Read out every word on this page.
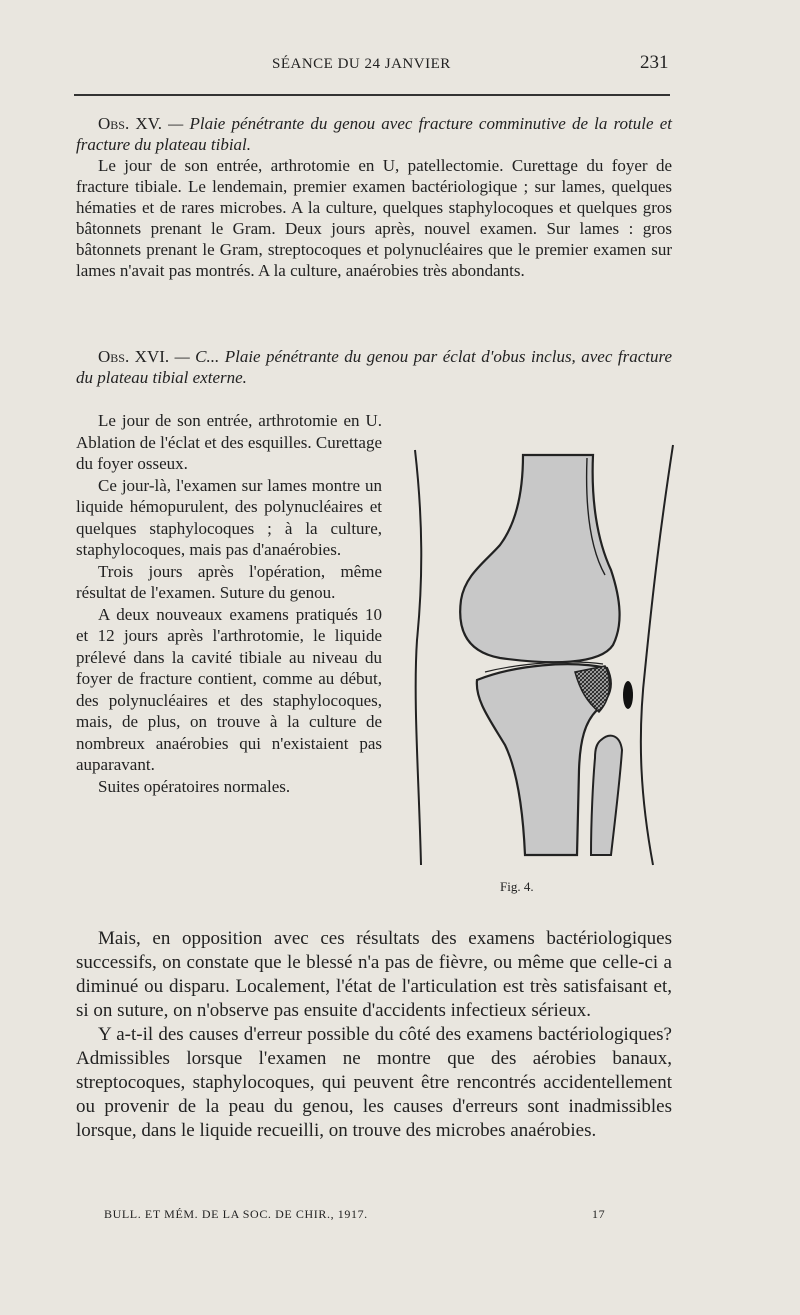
SÉANCE DU 24 JANVIER	231

Obs. XV. — Plaie pénétrante du genou avec fracture comminutive de la rotule et fracture du plateau tibial.

Le jour de son entrée, arthrotomie en U, patellectomie. Curettage du foyer de fracture tibiale. Le lendemain, premier examen bactériologique ; sur lames, quelques hématies et de rares microbes. A la culture, quelques staphylocoques et quelques gros bâtonnets prenant le Gram. Deux jours après, nouvel examen. Sur lames : gros bâtonnets prenant le Gram, streptocoques et polynucléaires que le premier examen sur lames n'avait pas montrés. A la culture, anaérobies très abondants.

Obs. XVI. — C... Plaie pénétrante du genou par éclat d'obus inclus, avec fracture du plateau tibial externe.

Le jour de son entrée, arthrotomie en U. Ablation de l'éclat et des esquilles. Curettage du foyer osseux.

Ce jour-là, l'examen sur lames montre un liquide hémopurulent, des polynucléaires et quelques staphylocoques ; à la culture, staphylocoques, mais pas d'anaérobies.

Trois jours après l'opération, même résultat de l'examen. Suture du genou.

A deux nouveaux examens pratiqués 10 et 12 jours après l'arthrotomie, le liquide prélevé dans la cavité tibiale au niveau du foyer de fracture contient, comme au début, des polynucléaires et des staphylocoques, mais, de plus, on trouve à la culture de nombreux anaérobies qui n'existaient pas auparavant.

Suites opératoires normales.

Fig. 4.

Mais, en opposition avec ces résultats des examens bactériologiques successifs, on constate que le blessé n'a pas de fièvre, ou même que celle-ci a diminué ou disparu. Localement, l'état de l'articulation est très satisfaisant et, si on suture, on n'observe pas ensuite d'accidents infectieux sérieux.

Y a-t-il des causes d'erreur possible du côté des examens bactériologiques? Admissibles lorsque l'examen ne montre que des aérobies banaux, streptocoques, staphylocoques, qui peuvent être rencontrés accidentellement ou provenir de la peau du genou, les causes d'erreurs sont inadmissibles lorsque, dans le liquide recueilli, on trouve des microbes anaérobies.

BULL. ET MÉM. DE LA SOC. DE CHIR., 1917.	17
